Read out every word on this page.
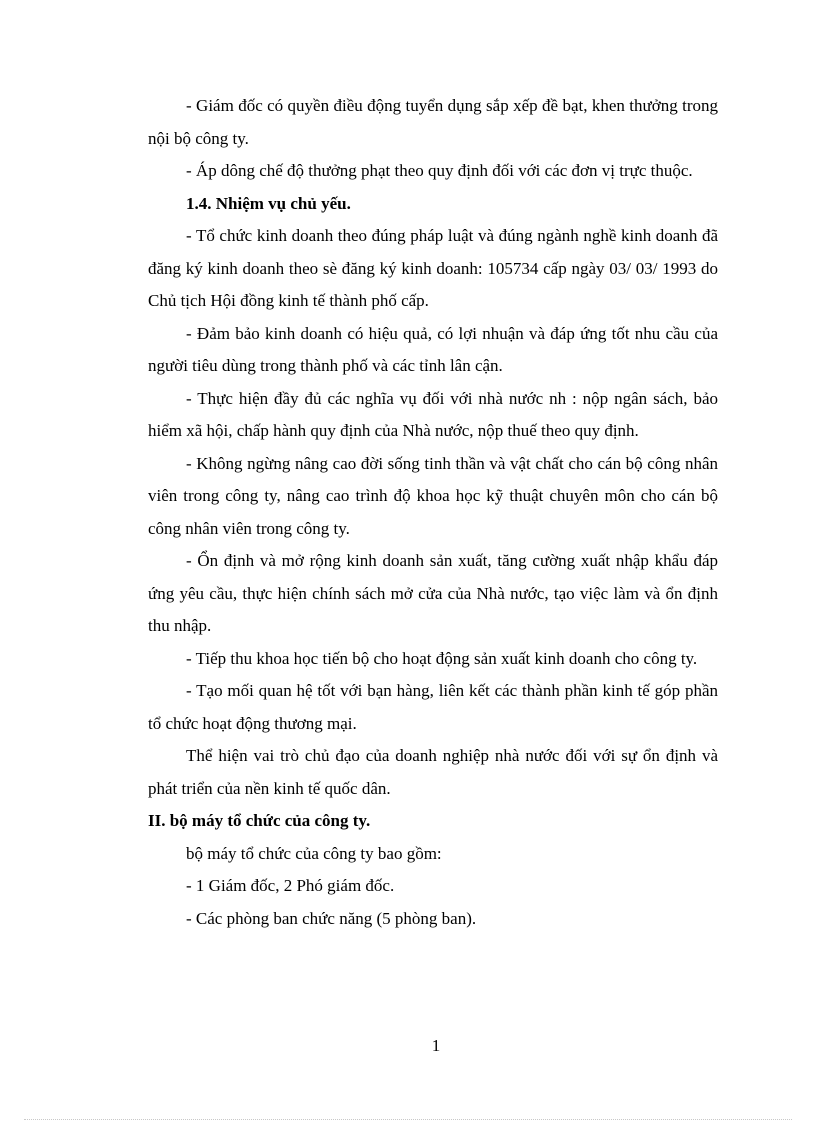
- Giám đốc có quyền điều động tuyển dụng sắp xếp đề bạt, khen thưởng trong nội bộ công ty.

- Áp dông chế độ thưởng phạt theo quy định đối với các đơn vị trực thuộc.

1.4. Nhiệm vụ chủ yếu.

- Tổ chức kinh doanh theo đúng pháp luật và đúng ngành nghề kinh doanh đã đăng ký kinh doanh theo sè đăng ký kinh doanh: 105734 cấp ngày 03/ 03/ 1993 do Chủ tịch Hội đồng kinh tế thành phố cấp.

- Đảm bảo kinh doanh có hiệu quả, có lợi nhuận và đáp ứng tốt nhu cầu của người tiêu dùng trong thành phố và các tỉnh lân cận.

- Thực hiện đầy đủ các nghĩa vụ đối với nhà nước nh : nộp ngân sách, bảo hiểm xã hội, chấp hành quy định của Nhà nước, nộp thuế theo quy định.

- Không ngừng nâng cao đời sống tinh thần và vật chất cho cán bộ công nhân viên trong công ty, nâng cao trình độ khoa học kỹ thuật chuyên môn cho cán bộ công nhân viên trong công ty.

- Ổn định và mở rộng kinh doanh sản xuất, tăng cường xuất nhập khẩu đáp ứng yêu cầu, thực hiện chính sách mở cửa của Nhà nước, tạo việc làm và ổn định thu nhập.

- Tiếp thu khoa học tiến bộ cho hoạt động sản xuất kinh doanh cho công ty.

- Tạo mối quan hệ tốt với bạn hàng, liên kết các thành phần kinh tế góp phần tổ chức hoạt động thương mại.

Thể hiện vai trò chủ đạo của doanh nghiệp nhà nước đối với sự ổn định và phát triển của nền kinh tế quốc dân.

II. bộ máy tổ chức của công ty.

bộ máy tổ chức của công ty bao gồm:

- 1 Giám đốc, 2 Phó giám đốc.

- Các phòng ban chức năng (5 phòng ban).

1
